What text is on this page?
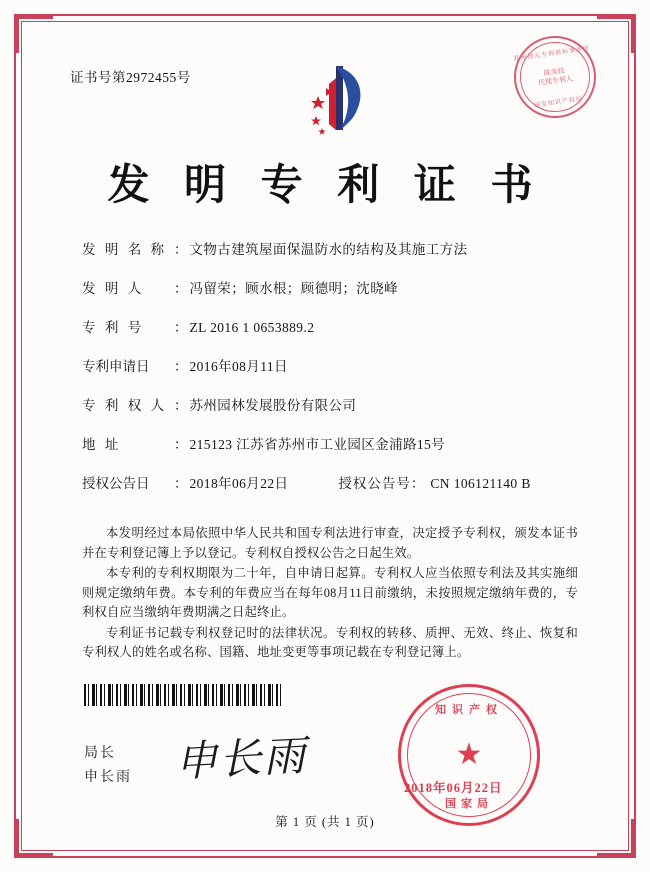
证书号第2972455号
苏州创元专利商标事务所
陈美枝
代理专利人
国家知识产权局
发 明 专 利 证 书
发 明 名 称 ： 文物古建筑屋面保温防水的结构及其施工方法
发 明 人	： 冯留荣；顾水根；顾德明；沈晓峰
专 利 号	： ZL 2016 1 0653889.2
专利申请日	： 2016年08月11日
专 利 权 人 ： 苏州园林发展股份有限公司
地 址	： 215123 江苏省苏州市工业园区金浦路15号
授权公告日	： 2018年06月22日	授权公告号 ： CN 106121140 B

本发明经过本局依照中华人民共和国专利法进行审查，决定授予专利权，颁发本证书并在专利登记簿上予以登记。专利权自授权公告之日起生效。

本专利的专利权期限为二十年，自申请日起算。专利权人应当依照专利法及其实施细则规定缴纳年费。本专利的年费应当在每年08月11日前缴纳，未按照规定缴纳年费的，专利权自应当缴纳年费期满之日起终止。

专利证书记载专利权登记时的法律状况。专利权的转移、质押、无效、终止、恢复和专利权人的姓名或名称、国籍、地址变更等事项记载在专利登记簿上。

局长
申长雨 申长雨
知识产权
★
国家局
2018年06月22日
第 1 页 (共 1 页)
